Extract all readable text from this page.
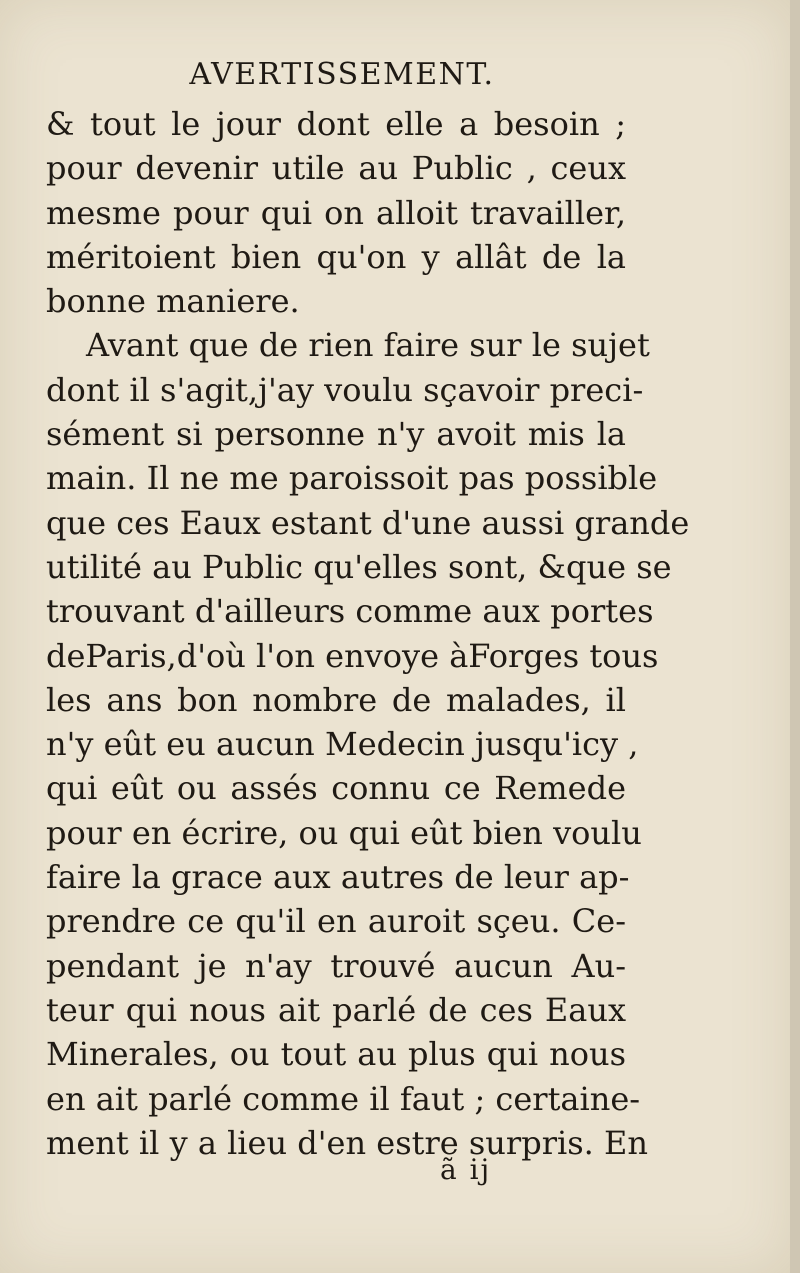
AVERTISSEMENT.
& tout le jour dont elle a besoin ;
pour devenir utile au Public , ceux
mesme pour qui on alloit travailler,
méritoient bien qu'on y allât de la
bonne maniere.
Avant que de rien faire sur le sujet
dont il s'agit,j'ay voulu sçavoir preci-
sément si personne n'y avoit mis la
main. Il ne me paroissoit pas possible
que ces Eaux estant d'une aussi grande
utilité au Public qu'elles sont, &que se
trouvant d'ailleurs comme aux portes
deParis,d'où l'on envoye àForges tous
les ans bon nombre de malades, il
n'y eût eu aucun Medecin jusqu'icy ,
qui eût ou assés connu ce Remede
pour en écrire, ou qui eût bien voulu
faire la grace aux autres de leur ap-
prendre ce qu'il en auroit sçeu. Ce-
pendant je n'ay trouvé aucun Au-
teur qui nous ait parlé de ces Eaux
Minerales, ou tout au plus qui nous
en ait parlé comme il faut ; certaine-
ment il y a lieu d'en estre surpris. En
ã ij
